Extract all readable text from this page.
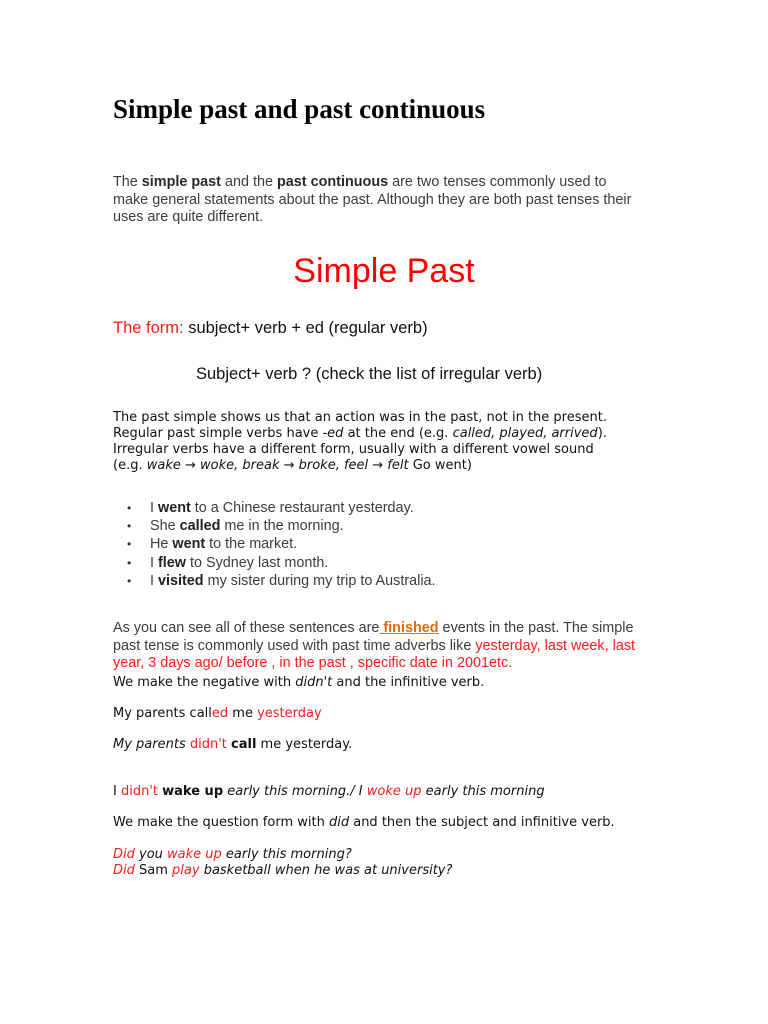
Simple past and past continuous

The simple past and the past continuous are two tenses commonly used to make general statements about the past. Although they are both past tenses their uses are quite different.

Simple Past
The form: subject+ verb + ed (regular verb)
Subject+ verb ? (check the list of irregular verb)
The past simple shows us that an action was in the past, not in the present.
Regular past simple verbs have -ed at the end (e.g. called, played, arrived).
Irregular verbs have a different form, usually with a different vowel sound
(e.g. wake → woke, break → broke, feel → felt Go went)
• I went to a Chinese restaurant yesterday.
• She called me in the morning.
• He went to the market.
• I flew to Sydney last month.
• I visited my sister during my trip to Australia.

As you can see all of these sentences are finished events in the past. The simple past tense is commonly used with past time adverbs like yesterday, last week, last year, 3 days ago/ before , in the past , specific date in 2001etc.

We make the negative with didn't and the infinitive verb.
My parents called me yesterday
My parents didn't call me yesterday.
I didn't wake up early this morning./ I woke up early this morning
We make the question form with did and then the subject and infinitive verb.
Did you wake up early this morning?
Did Sam play basketball when he was at university?
